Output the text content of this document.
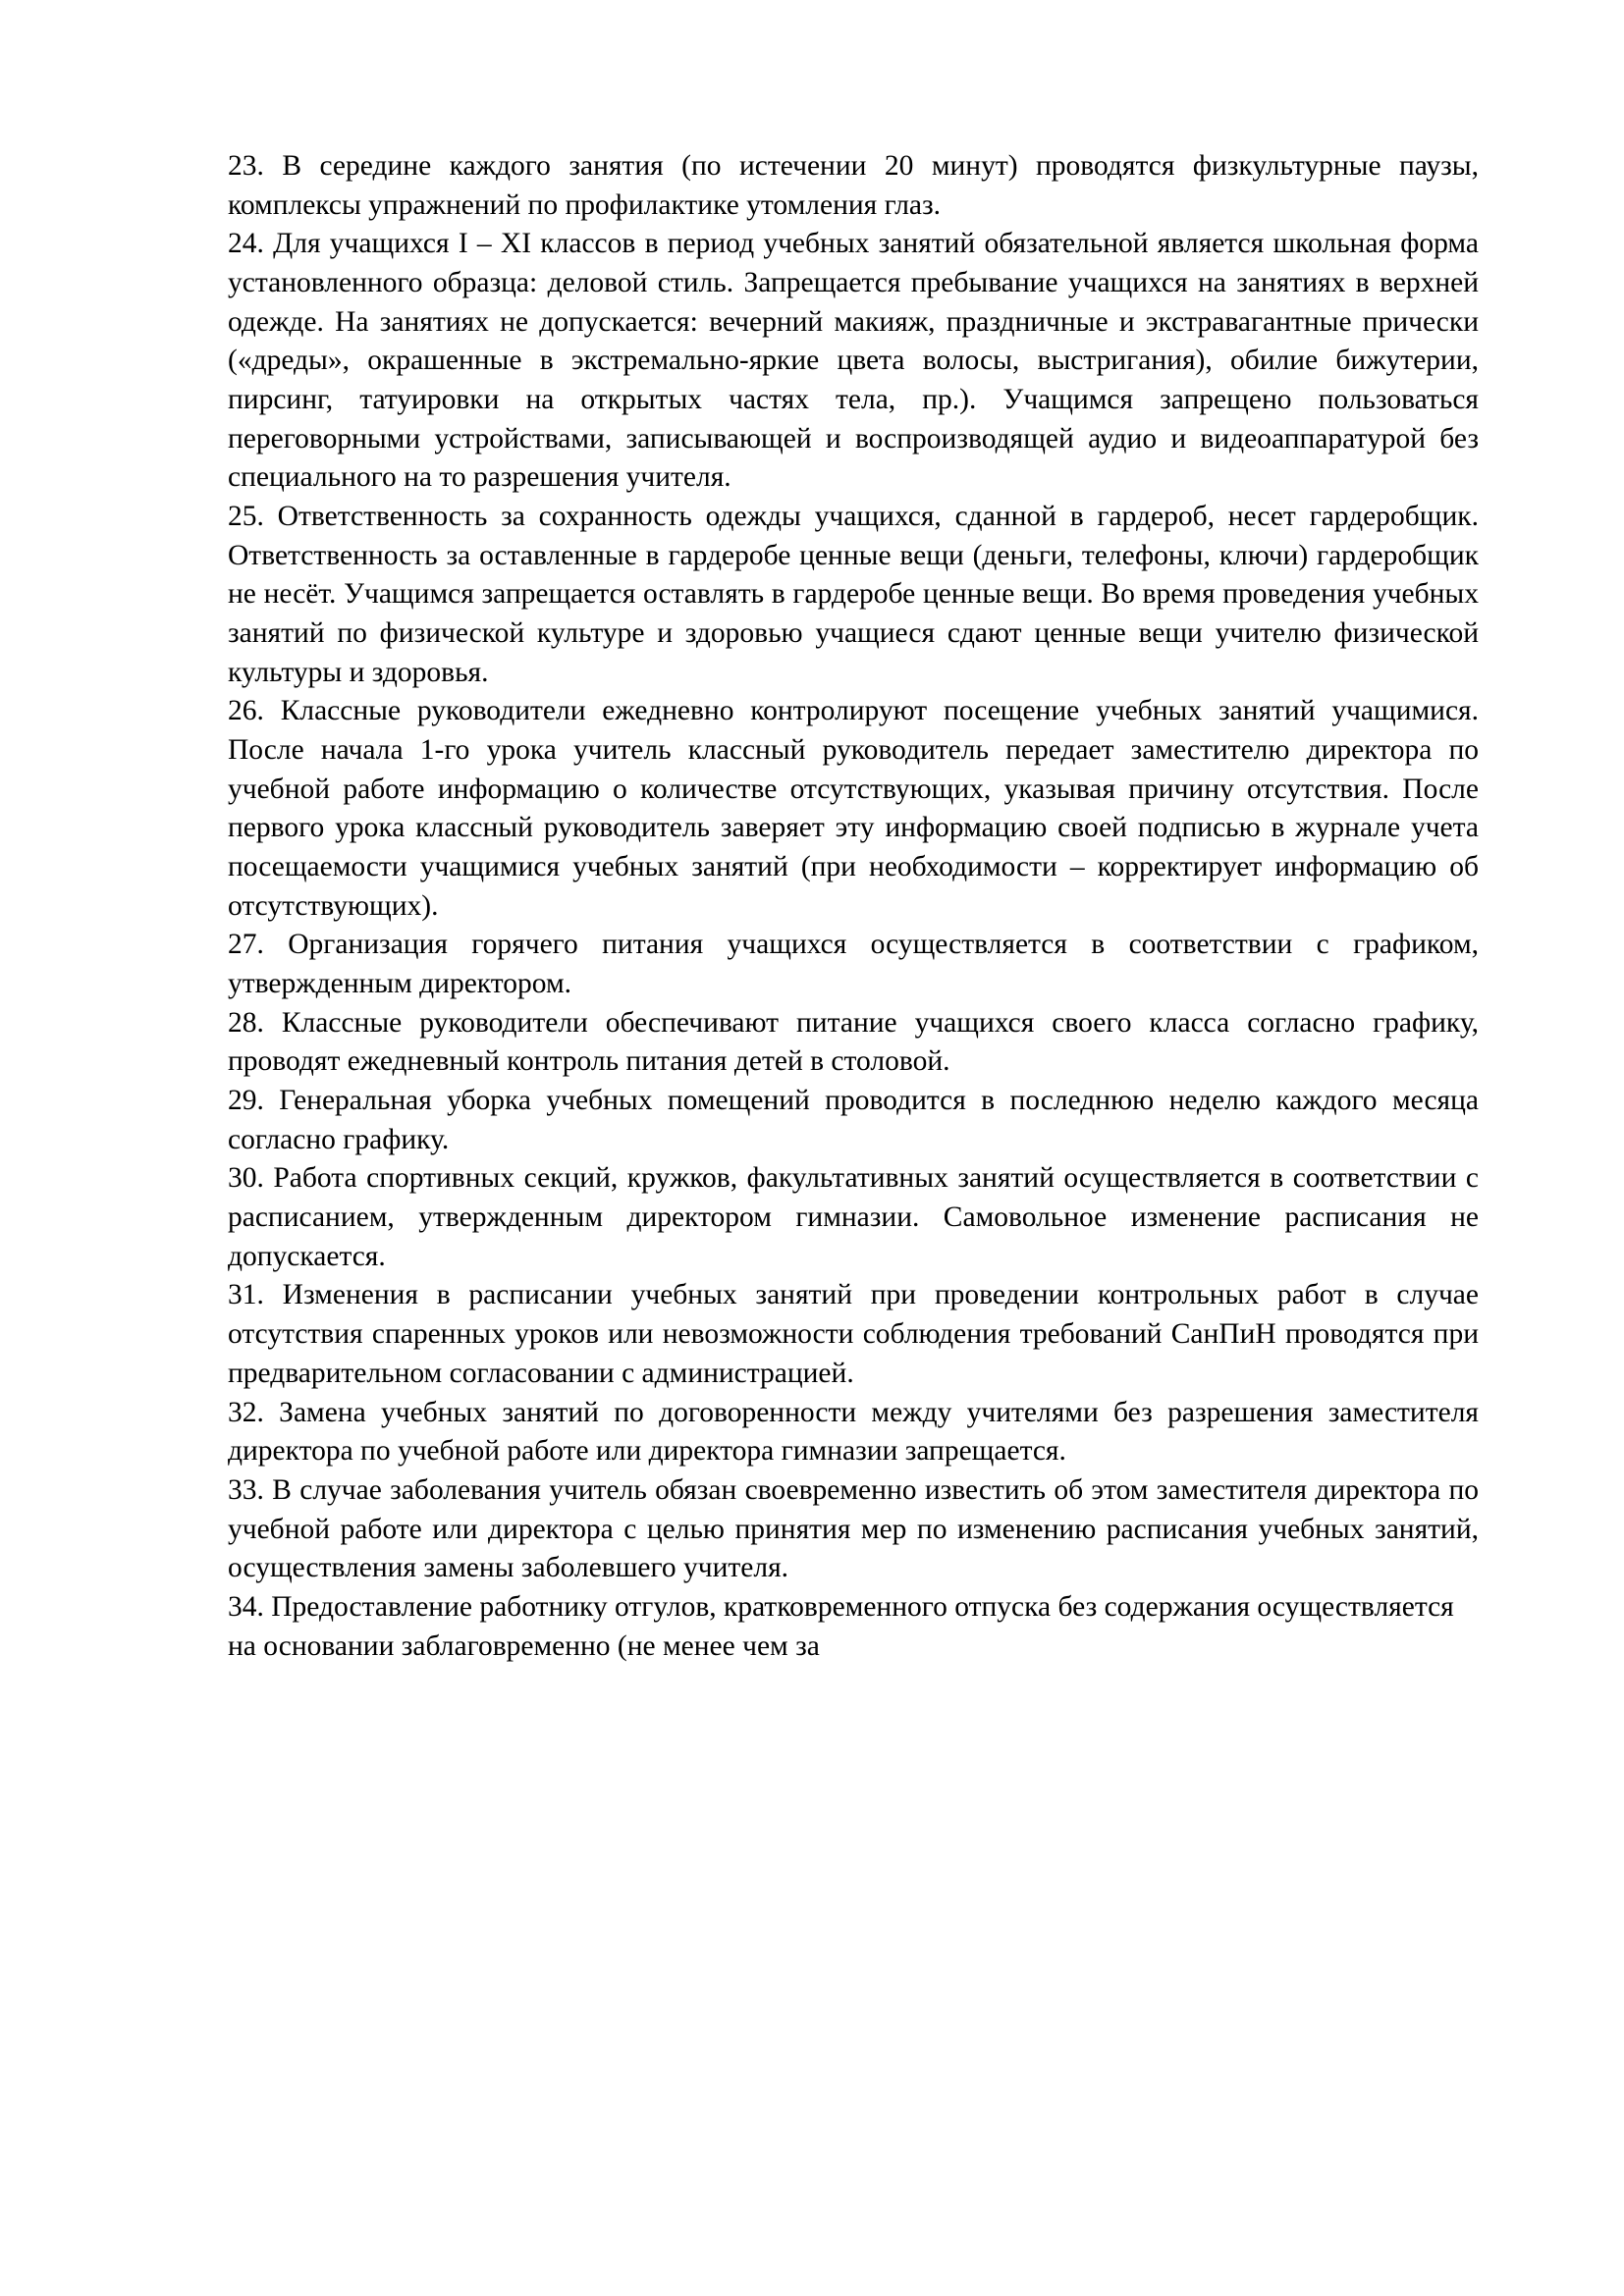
23. В середине каждого занятия (по истечении 20 минут) проводятся физкультурные паузы, комплексы упражнений по профилактике утомления глаз.

24. Для учащихся I – XI классов в период учебных занятий обязательной является школьная форма установленного образца: деловой стиль. Запрещается пребывание учащихся на занятиях в верхней одежде. На занятиях не допускается: вечерний макияж, праздничные и экстравагантные прически («дреды», окрашенные в экстремально-яркие цвета волосы, выстригания), обилие бижутерии, пирсинг, татуировки на открытых частях тела, пр.). Учащимся запрещено пользоваться переговорными устройствами, записывающей и воспроизводящей аудио и видеоаппаратурой без специального на то разрешения учителя.

25. Ответственность за сохранность одежды учащихся, сданной в гардероб, несет гардеробщик. Ответственность за оставленные в гардеробе ценные вещи (деньги, телефоны, ключи) гардеробщик не несёт. Учащимся запрещается оставлять в гардеробе ценные вещи. Во время проведения учебных занятий по физической культуре и здоровью учащиеся сдают ценные вещи учителю физической культуры и здоровья.

26. Классные руководители ежедневно контролируют посещение учебных занятий учащимися. После начала 1-го урока учитель классный руководитель передает заместителю директора по учебной работе информацию о количестве отсутствующих, указывая причину отсутствия. После первого урока классный руководитель заверяет эту информацию своей подписью в журнале учета посещаемости учащимися учебных занятий (при необходимости – корректирует информацию об отсутствующих).

27. Организация горячего питания учащихся осуществляется в соответствии с графиком, утвержденным директором.

28. Классные руководители обеспечивают питание учащихся своего класса согласно графику, проводят ежедневный контроль питания детей в столовой.

29. Генеральная уборка учебных помещений проводится в последнюю неделю каждого месяца согласно графику.

30. Работа спортивных секций, кружков, факультативных занятий осуществляется в соответствии с расписанием, утвержденным директором гимназии. Самовольное изменение расписания не допускается.

31. Изменения в расписании учебных занятий при проведении контрольных работ в случае отсутствия спаренных уроков или невозможности соблюдения требований СанПиН проводятся при предварительном согласовании с администрацией.

32. Замена учебных занятий по договоренности между учителями без разрешения заместителя директора по учебной работе или директора гимназии запрещается.

33. В случае заболевания учитель обязан своевременно известить об этом заместителя директора по учебной работе или директора с целью принятия мер по изменению расписания учебных занятий, осуществления замены заболевшего учителя.

34. Предоставление работнику отгулов, кратковременного отпуска без содержания осуществляется на основании заблаговременно (не менее чем за
